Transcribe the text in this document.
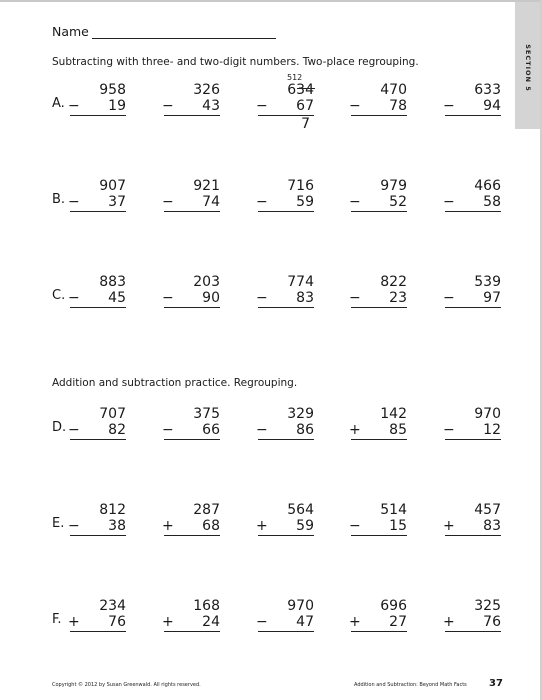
Name
SECTION 5
Subtracting with three- and two-digit numbers. Two-place regrouping.
Addition and subtraction practice. Regrouping.
A.
958
− 19
326
− 43
634
− 67
7
512
470
− 78
633
− 94
B.
907
− 37
921
− 74
716
− 59
979
− 52
466
− 58
C.
883
− 45
203
− 90
774
− 83
822
− 23
539
− 97
D.
707
− 82
375
− 66
329
− 86
142
+ 85
970
− 12
E.
812
− 38
287
+ 68
564
+ 59
514
− 15
457
+ 83
F.
234
+ 76
168
+ 24
970
− 47
696
+ 27
325
+ 76
Copyright © 2012 by Susan Greenwald. All rights reserved.	Addition and Subtraction: Beyond Math Facts 37
